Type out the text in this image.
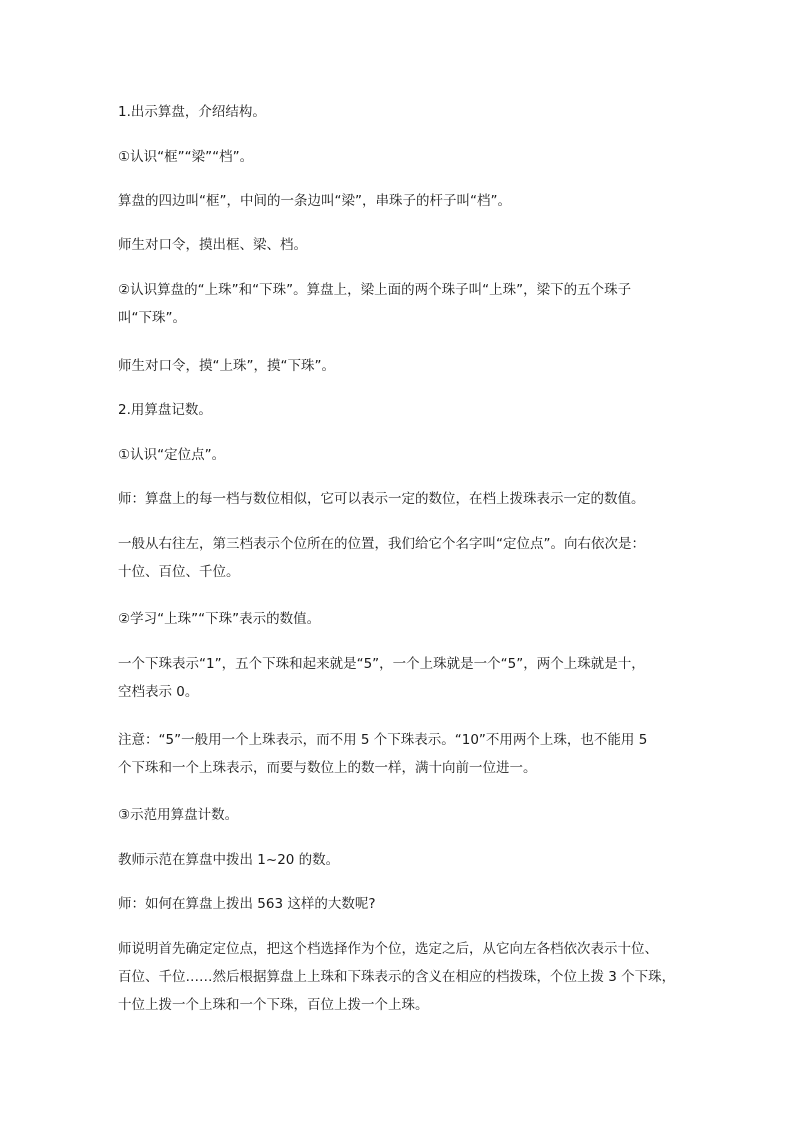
1.出示算盘，介绍结构。

①认识“框”“梁”“档”。

算盘的四边叫“框”，中间的一条边叫“梁”，串珠子的杆子叫“档”。

师生对口令，摸出框、梁、档。

②认识算盘的“上珠”和“下珠”。算盘上，梁上面的两个珠子叫“上珠”，梁下的五个珠子
叫“下珠”。

师生对口令，摸“上珠”，摸“下珠”。

2.用算盘记数。

①认识“定位点”。

师：算盘上的每一档与数位相似，它可以表示一定的数位，在档上拨珠表示一定的数值。

一般从右往左，第三档表示个位所在的位置，我们给它个名字叫“定位点”。向右依次是：
十位、百位、千位。

②学习“上珠”“下珠”表示的数值。

一个下珠表示“1”，五个下珠和起来就是“5”，一个上珠就是一个“5”，两个上珠就是十，
空档表示 0。

注意：“5”一般用一个上珠表示，而不用 5 个下珠表示。“10”不用两个上珠，也不能用 5
个下珠和一个上珠表示，而要与数位上的数一样，满十向前一位进一。

③示范用算盘计数。

教师示范在算盘中拨出 1~20 的数。

师：如何在算盘上拨出 563 这样的大数呢?

师说明首先确定定位点，把这个档选择作为个位，选定之后，从它向左各档依次表示十位、
百位、千位……然后根据算盘上上珠和下珠表示的含义在相应的档拨珠，个位上拨 3 个下珠，
十位上拨一个上珠和一个下珠，百位上拨一个上珠。
